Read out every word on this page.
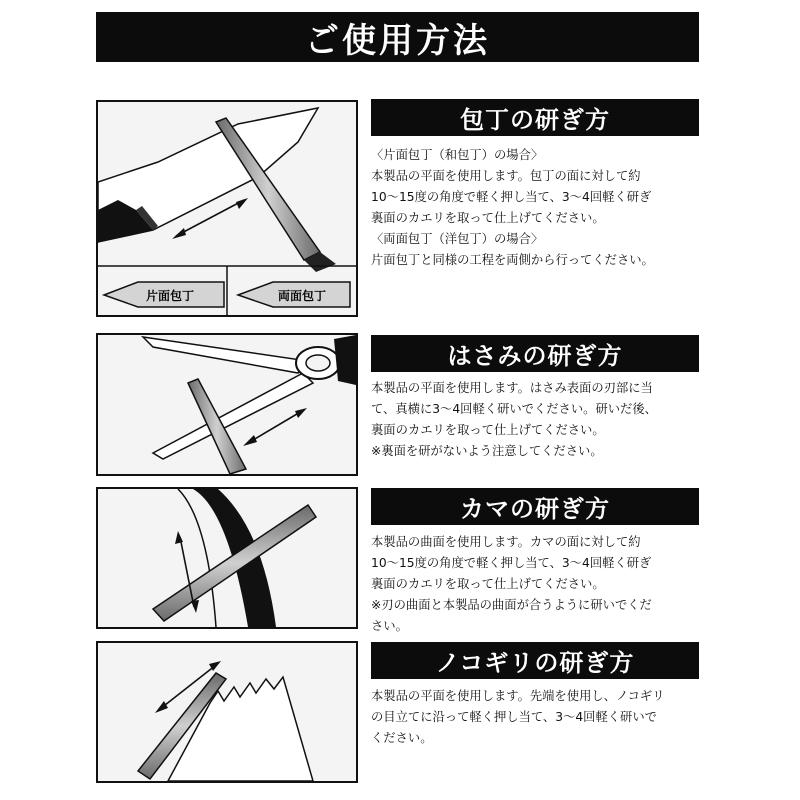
ご使用方法
片面包丁	両面包丁
包丁の研ぎ方
〈片面包丁（和包丁）の場合〉
本製品の平面を使用します。包丁の面に対して約
10～15度の角度で軽く押し当て、3～4回軽く研ぎ
裏面のカエリを取って仕上げてください。
〈両面包丁（洋包丁）の場合〉
片面包丁と同様の工程を両側から行ってください。
はさみの研ぎ方
本製品の平面を使用します。はさみ表面の刃部に当
て、真横に3～4回軽く研いでください。研いだ後、
裏面のカエリを取って仕上げてください。
※裏面を研がないよう注意してください。
カマの研ぎ方
本製品の曲面を使用します。カマの面に対して約
10～15度の角度で軽く押し当て、3～4回軽く研ぎ
裏面のカエリを取って仕上げてください。
※刃の曲面と本製品の曲面が合うように研いでくだ
さい。
ノコギリの研ぎ方
本製品の平面を使用します。先端を使用し、ノコギリ
の目立てに沿って軽く押し当て、3～4回軽く研いで
ください。
